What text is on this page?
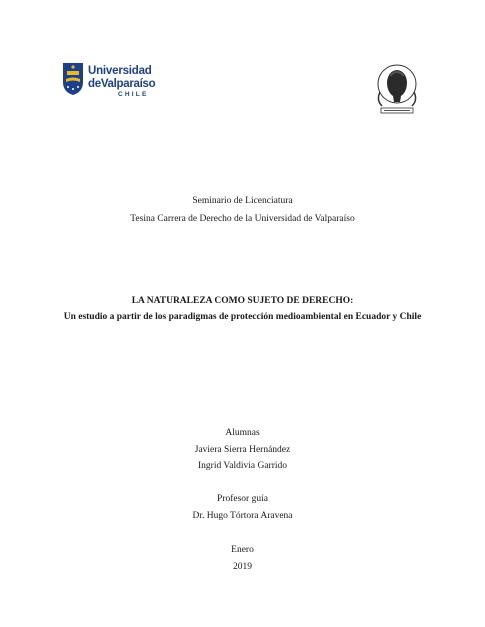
Universidad
deValparaíso
CHILE
Seminario de Licenciatura
Tesina Carrera de Derecho de la Universidad de Valparaíso
LA NATURALEZA COMO SUJETO DE DERECHO:
Un estudio a partir de los paradigmas de protección medioambiental en Ecuador y Chile
Alumnas
Javiera Sierra Hernández
Ingrid Valdivia Garrido
Profesor guía
Dr. Hugo Tórtora Aravena
Enero
2019
